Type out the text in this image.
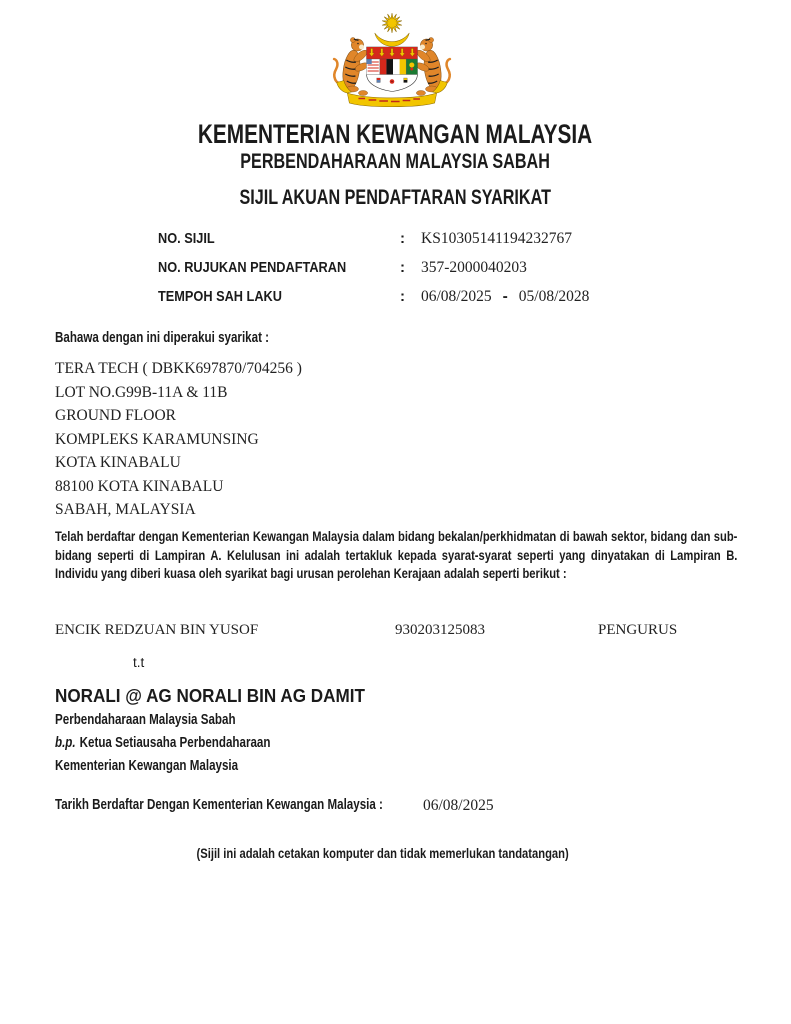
KEMENTERIAN KEWANGAN MALAYSIA
PERBENDAHARAAN MALAYSIA SABAH
SIJIL AKUAN PENDAFTARAN SYARIKAT
NO. SIJIL	: KS10305141194232767
NO. RUJUKAN PENDAFTARAN	: 357-2000040203
TEMPOH SAH LAKU	: 06/08/2025 - 05/08/2028
Bahawa dengan ini diperakui syarikat :
TERA TECH ( DBKK697870/704256 )
LOT NO.G99B-11A & 11B
GROUND FLOOR
KOMPLEKS KARAMUNSING
KOTA KINABALU
88100 KOTA KINABALU
SABAH, MALAYSIA
Telah berdaftar dengan Kementerian Kewangan Malaysia dalam bidang bekalan/perkhidmatan di bawah sektor, bidang dan sub-bidang seperti di Lampiran A. Kelulusan ini adalah tertakluk kepada syarat-syarat seperti yang dinyatakan di Lampiran B. Individu yang diberi kuasa oleh syarikat bagi urusan perolehan Kerajaan adalah seperti berikut :
ENCIK REDZUAN BIN YUSOF	930203125083	PENGURUS
t.t
NORALI @ AG NORALI BIN AG DAMIT
Perbendaharaan Malaysia Sabah
b.p. Ketua Setiausaha Perbendaharaan
Kementerian Kewangan Malaysia
Tarikh Berdaftar Dengan Kementerian Kewangan Malaysia :	06/08/2025
(Sijil ini adalah cetakan komputer dan tidak memerlukan tandatangan)
